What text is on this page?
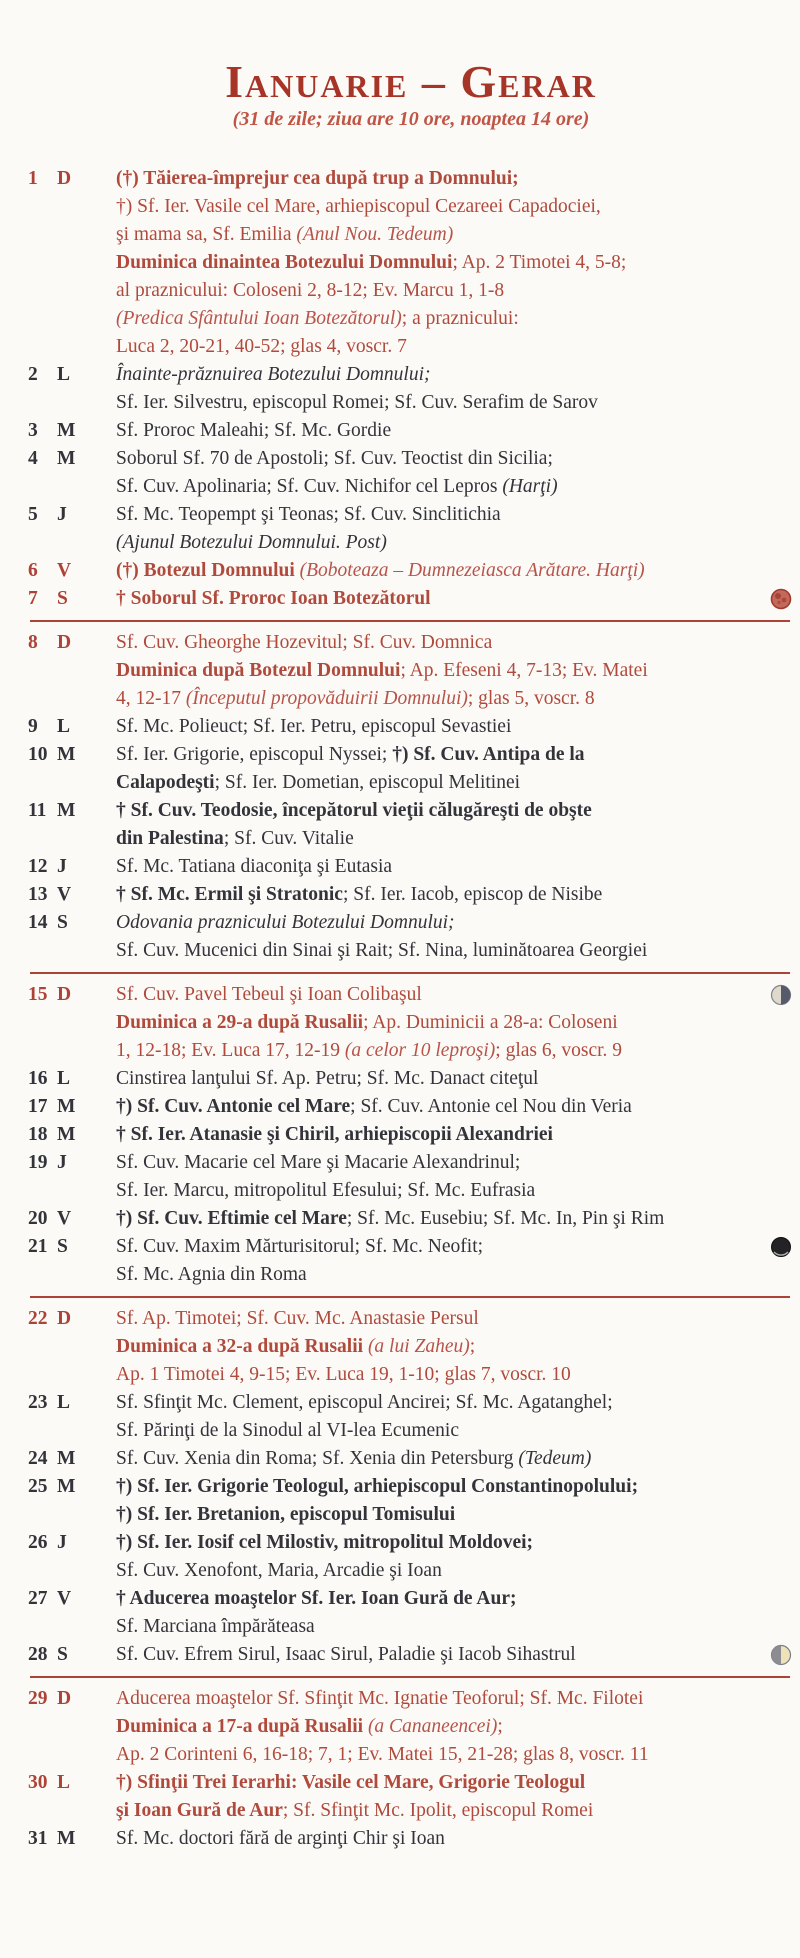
Ianuarie – Gerar
(31 de zile; ziua are 10 ore, noaptea 14 ore)
1 D	(†) Tăierea-împrejur cea după trup a Domnului;
†) Sf. Ier. Vasile cel Mare, arhiepiscopul Cezareei Capadociei,
şi mama sa, Sf. Emilia (Anul Nou. Tedeum)
Duminica dinaintea Botezului Domnului; Ap. 2 Timotei 4, 5-8;
al praznicului: Coloseni 2, 8-12; Ev. Marcu 1, 1-8
(Predica Sfântului Ioan Botezătorul); a praznicului:
Luca 2, 20-21, 40-52; glas 4, voscr. 7
2 L	Înainte-prăznuirea Botezului Domnului;
Sf. Ier. Silvestru, episcopul Romei; Sf. Cuv. Serafim de Sarov
3 M	Sf. Proroc Maleahi; Sf. Mc. Gordie
4 M	Soborul Sf. 70 de Apostoli; Sf. Cuv. Teoctist din Sicilia;
Sf. Cuv. Apolinaria; Sf. Cuv. Nichifor cel Lepros (Harţi)
5 J	Sf. Mc. Teopempt şi Teonas; Sf. Cuv. Sinclitichia
(Ajunul Botezului Domnului. Post)
6 V	(†) Botezul Domnului (Boboteaza – Dumnezeiasca Arătare. Harţi)
7 S	† Soborul Sf. Proroc Ioan Botezătorul
8 D	Sf. Cuv. Gheorghe Hozevitul; Sf. Cuv. Domnica
Duminica după Botezul Domnului; Ap. Efeseni 4, 7-13; Ev. Matei
4, 12-17 (Începutul propovăduirii Domnului); glas 5, voscr. 8
9 L	Sf. Mc. Polieuct; Sf. Ier. Petru, episcopul Sevastiei
10 M	Sf. Ier. Grigorie, episcopul Nyssei; †) Sf. Cuv. Antipa de la
Calapodeşti; Sf. Ier. Dometian, episcopul Melitinei
11 M	† Sf. Cuv. Teodosie, începătorul vieţii călugăreşti de obşte
din Palestina; Sf. Cuv. Vitalie
12 J	Sf. Mc. Tatiana diaconiţa şi Eutasia
13 V	† Sf. Mc. Ermil şi Stratonic; Sf. Ier. Iacob, episcop de Nisibe
14 S	Odovania praznicului Botezului Domnului;
Sf. Cuv. Mucenici din Sinai şi Rait; Sf. Nina, luminătoarea Georgiei
15 D	Sf. Cuv. Pavel Tebeul şi Ioan Colibaşul
Duminica a 29-a după Rusalii; Ap. Duminicii a 28-a: Coloseni
1, 12-18; Ev. Luca 17, 12-19 (a celor 10 leproşi); glas 6, voscr. 9
16 L	Cinstirea lanţului Sf. Ap. Petru; Sf. Mc. Danact citeţul
17 M	†) Sf. Cuv. Antonie cel Mare; Sf. Cuv. Antonie cel Nou din Veria
18 M	† Sf. Ier. Atanasie şi Chiril, arhiepiscopii Alexandriei
19 J	Sf. Cuv. Macarie cel Mare şi Macarie Alexandrinul;
Sf. Ier. Marcu, mitropolitul Efesului; Sf. Mc. Eufrasia
20 V	†) Sf. Cuv. Eftimie cel Mare; Sf. Mc. Eusebiu; Sf. Mc. In, Pin şi Rim
21 S	Sf. Cuv. Maxim Mărturisitorul; Sf. Mc. Neofit;
Sf. Mc. Agnia din Roma
22 D	Sf. Ap. Timotei; Sf. Cuv. Mc. Anastasie Persul
Duminica a 32-a după Rusalii (a lui Zaheu);
Ap. 1 Timotei 4, 9-15; Ev. Luca 19, 1-10; glas 7, voscr. 10
23 L	Sf. Sfinţit Mc. Clement, episcopul Ancirei; Sf. Mc. Agatanghel;
Sf. Părinţi de la Sinodul al VI-lea Ecumenic
24 M	Sf. Cuv. Xenia din Roma; Sf. Xenia din Petersburg (Tedeum)
25 M	†) Sf. Ier. Grigorie Teologul, arhiepiscopul Constantinopolului;
†) Sf. Ier. Bretanion, episcopul Tomisului
26 J	†) Sf. Ier. Iosif cel Milostiv, mitropolitul Moldovei;
Sf. Cuv. Xenofont, Maria, Arcadie şi Ioan
27 V	† Aducerea moaştelor Sf. Ier. Ioan Gură de Aur;
Sf. Marciana împărăteasa
28 S	Sf. Cuv. Efrem Sirul, Isaac Sirul, Paladie şi Iacob Sihastrul
29 D	Aducerea moaştelor Sf. Sfinţit Mc. Ignatie Teoforul; Sf. Mc. Filotei
Duminica a 17-a după Rusalii (a Cananeencei);
Ap. 2 Corinteni 6, 16-18; 7, 1; Ev. Matei 15, 21-28; glas 8, voscr. 11
30 L	†) Sfinţii Trei Ierarhi: Vasile cel Mare, Grigorie Teologul
şi Ioan Gură de Aur; Sf. Sfinţit Mc. Ipolit, episcopul Romei
31 M	Sf. Mc. doctori fără de arginţi Chir şi Ioan
